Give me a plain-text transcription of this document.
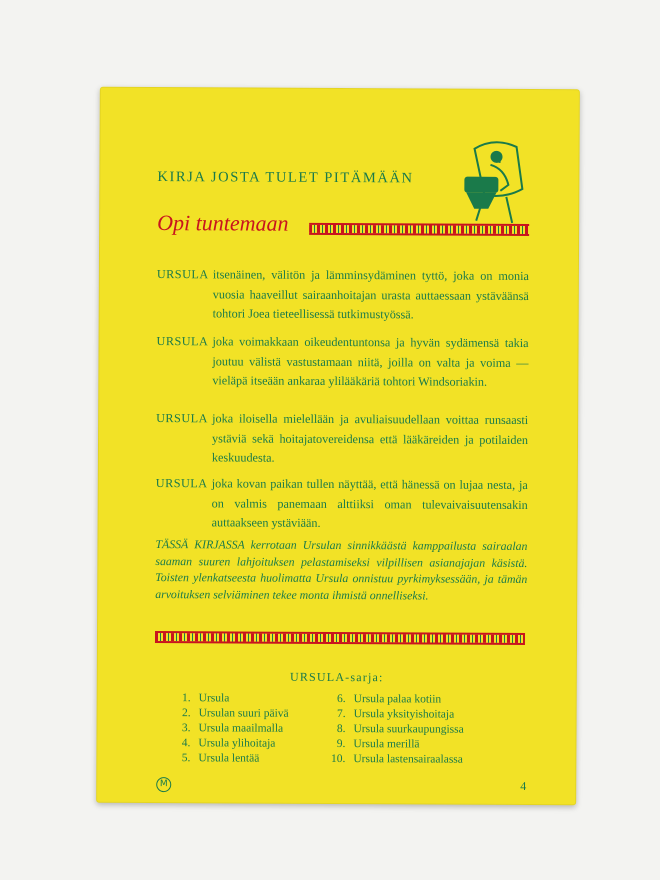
KIRJA JOSTA TULET PITÄMÄÄN
Opi tuntemaan
URSULA itsenäinen, välitön ja lämminsydäminen tyttö, joka on monia vuosia haaveillut sairaanhoitajan urasta auttaessaan ystäväänsä tohtori Joea tieteellisessä tutkimustyössä.
URSULA joka voimakkaan oikeudentuntonsa ja hyvän sydämensä takia joutuu välistä vastustamaan niitä, joilla on valta ja voima — vieläpä itseään ankaraa ylilääkäriä tohtori Windsoriakin.
URSULA joka iloisella mielellään ja avuliaisuudellaan voittaa runsaasti ystäviä sekä hoitajatovereidensa että lääkäreiden ja potilaiden keskuudesta.
URSULA joka kovan paikan tullen näyttää, että hänessä on lujaa nesta, ja on valmis panemaan alttiiksi oman tulevaivaisuutensakin auttaakseen ystäviään.
TÄSSÄ KIRJASSA kerrotaan Ursulan sinnikkäästä kamppailusta sairaalan saaman suuren lahjoituksen pelastamiseksi vilpillisen asianajajan käsistä. Toisten ylenkatseesta huolimatta Ursula onnistuu pyrkimyksessään, ja tämän arvoituksen selviäminen tekee monta ihmistä onnelliseksi.
URSULA-sarja:
1. Ursula
2. Ursulan suuri päivä
3. Ursula maailmalla
4. Ursula ylihoitaja
5. Ursula lentää
6. Ursula palaa kotiin
7. Ursula yksityishoitaja
8. Ursula suurkaupungissa
9. Ursula merillä
10. Ursula lastensairaalassa
M	4
